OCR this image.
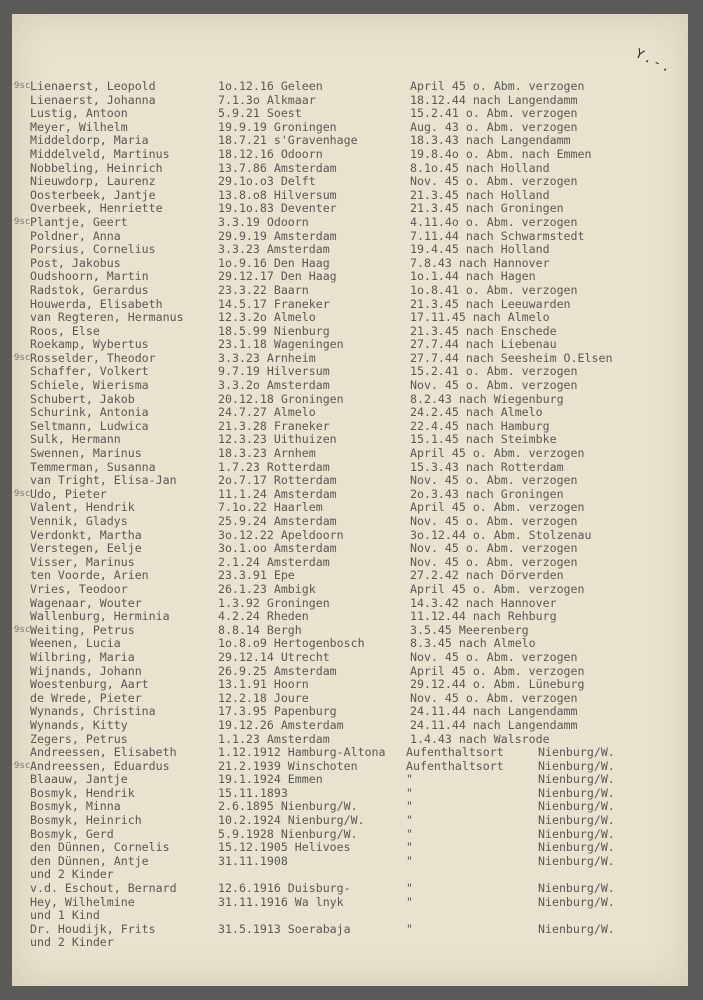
Y.-.
9sc Lienaerst, Leopold	1o.12.16 Geleen	April 45 o. Abm. verzogen
Lienaerst, Johanna	7.1.3o Alkmaar	18.12.44 nach Langendamm
Lustig, Antoon	5.9.21 Soest	15.2.41 o. Abm. verzogen
Meyer, Wilhelm	19.9.19 Groningen	Aug. 43 o. Abm. verzogen
Middeldorp, Maria	18.7.21 s'Gravenhage	18.3.43 nach Langendamm
Middelveld, Martinus	18.12.16 Odoorn	19.8.4o o. Abm. nach Emmen
Nobbeling, Heinrich	13.7.86 Amsterdam	8.1o.45 nach Holland
Nieuwdorp, Laurenz	29.1o.o3 Delft	Nov. 45 o. Abm. verzogen
Oosterbeek, Jantje	13.8.o8 Hilversum	21.3.45 nach Holland
Overbeek, Henriette	19.1o.83 Deventer	21.3.45 nach Groningen
9sc Plantje, Geert	3.3.19 Odoorn	4.11.4o o. Abm. verzogen
Poldner, Anna	29.9.19 Amsterdam	7.11.44 nach Schwarmstedt
Porsius, Cornelius	3.3.23 Amsterdam	19.4.45 nach Holland
Post, Jakobus	1o.9.16 Den Haag	7.8.43 nach Hannover
Oudshoorn, Martin	29.12.17 Den Haag	1o.1.44 nach Hagen
Radstok, Gerardus	23.3.22 Baarn	1o.8.41 o. Abm. verzogen
Houwerda, Elisabeth	14.5.17 Franeker	21.3.45 nach Leeuwarden
van Regteren, Hermanus	12.3.2o Almelo	17.11.45 nach Almelo
Roos, Else	18.5.99 Nienburg	21.3.45 nach Enschede
Roekamp, Wybertus	23.1.18 Wageningen	27.7.44 nach Liebenau
9sc Rosselder, Theodor	3.3.23 Arnheim	27.7.44 nach Seesheim O.Elsen
Schaffer, Volkert	9.7.19 Hilversum	15.2.41 o. Abm. verzogen
Schiele, Wierisma	3.3.2o Amsterdam	Nov. 45 o. Abm. verzogen
Schubert, Jakob	20.12.18 Groningen	8.2.43 nach Wiegenburg
Schurink, Antonia	24.7.27 Almelo	24.2.45 nach Almelo
Seltmann, Ludwica	21.3.28 Franeker	22.4.45 nach Hamburg
Sulk, Hermann	12.3.23 Uithuizen	15.1.45 nach Steimbke
Swennen, Marinus	18.3.23 Arnhem	April 45 o. Abm. verzogen
Temmerman, Susanna	1.7.23 Rotterdam	15.3.43 nach Rotterdam
van Tright, Elisa-Jan	2o.7.17 Rotterdam	Nov. 45 o. Abm. verzogen
9sc Udo, Pieter	11.1.24 Amsterdam	2o.3.43 nach Groningen
Valent, Hendrik	7.1o.22 Haarlem	April 45 o. Abm. verzogen
Vennik, Gladys	25.9.24 Amsterdam	Nov. 45 o. Abm. verzogen
Verdonkt, Martha	3o.12.22 Apeldoorn	3o.12.44 o. Abm. Stolzenau
Verstegen, Eelje	3o.1.oo Amsterdam	Nov. 45 o. Abm. verzogen
Visser, Marinus	2.1.24 Amsterdam	Nov. 45 o. Abm. verzogen
ten Voorde, Arien	23.3.91 Epe	27.2.42 nach Dörverden
Vries, Teodoor	26.1.23 Ambigk	April 45 o. Abm. verzogen
Wagenaar, Wouter	1.3.92 Groningen	14.3.42 nach Hannover
Wallenburg, Herminia	4.2.24 Rheden	11.12.44 nach Rehburg
9sc Weiting, Petrus	8.8.14 Bergh	3.5.45 Meerenberg
Weenen, Lucia	1o.8.o9 Hertogenbosch	8.3.45 nach Almelo
Wilbring, Maria	29.12.14 Utrecht	Nov. 45 o. Abm. verzogen
Wijnands, Johann	26.9.25 Amsterdam	April 45 o. Abm. verzogen
Woestenburg, Aart	13.1.91 Hoorn	29.12.44 o. Abm. Lüneburg
de Wrede, Pieter	12.2.18 Joure	Nov. 45 o. Abm. verzogen
Wynands, Christina	17.3.95 Papenburg	24.11.44 nach Langendamm
Wynands, Kitty	19.12.26 Amsterdam	24.11.44 nach Langendamm
Zegers, Petrus	1.1.23 Amsterdam	1.4.43 nach Walsrode
Andreessen, Elisabeth	1.12.1912 Hamburg-Altona	Aufenthaltsort	Nienburg/W.
9sc Andreessen, Eduardus	21.2.1939 Winschoten	Aufenthaltsort	Nienburg/W.
Blaauw, Jantje	19.1.1924 Emmen	"	Nienburg/W.
Bosmyk, Hendrik	15.11.1893	"	Nienburg/W.
Bosmyk, Minna	2.6.1895 Nienburg/W.	"	Nienburg/W.
Bosmyk, Heinrich	10.2.1924 Nienburg/W.	"	Nienburg/W.
Bosmyk, Gerd	5.9.1928 Nienburg/W.	"	Nienburg/W.
den Dünnen, Cornelis	15.12.1905 Helivoes	"	Nienburg/W.
den Dünnen, Antje	31.11.1908	"	Nienburg/W.
und 2 Kinder
v.d. Eschout, Bernard	12.6.1916 Duisburg-	"	Nienburg/W.
Hey, Wilhelmine	31.11.1916 Wa lnyk	"	Nienburg/W.
und 1 Kind
Dr. Houdijk, Frits	31.5.1913 Soerabaja	"	Nienburg/W.
und 2 Kinder
